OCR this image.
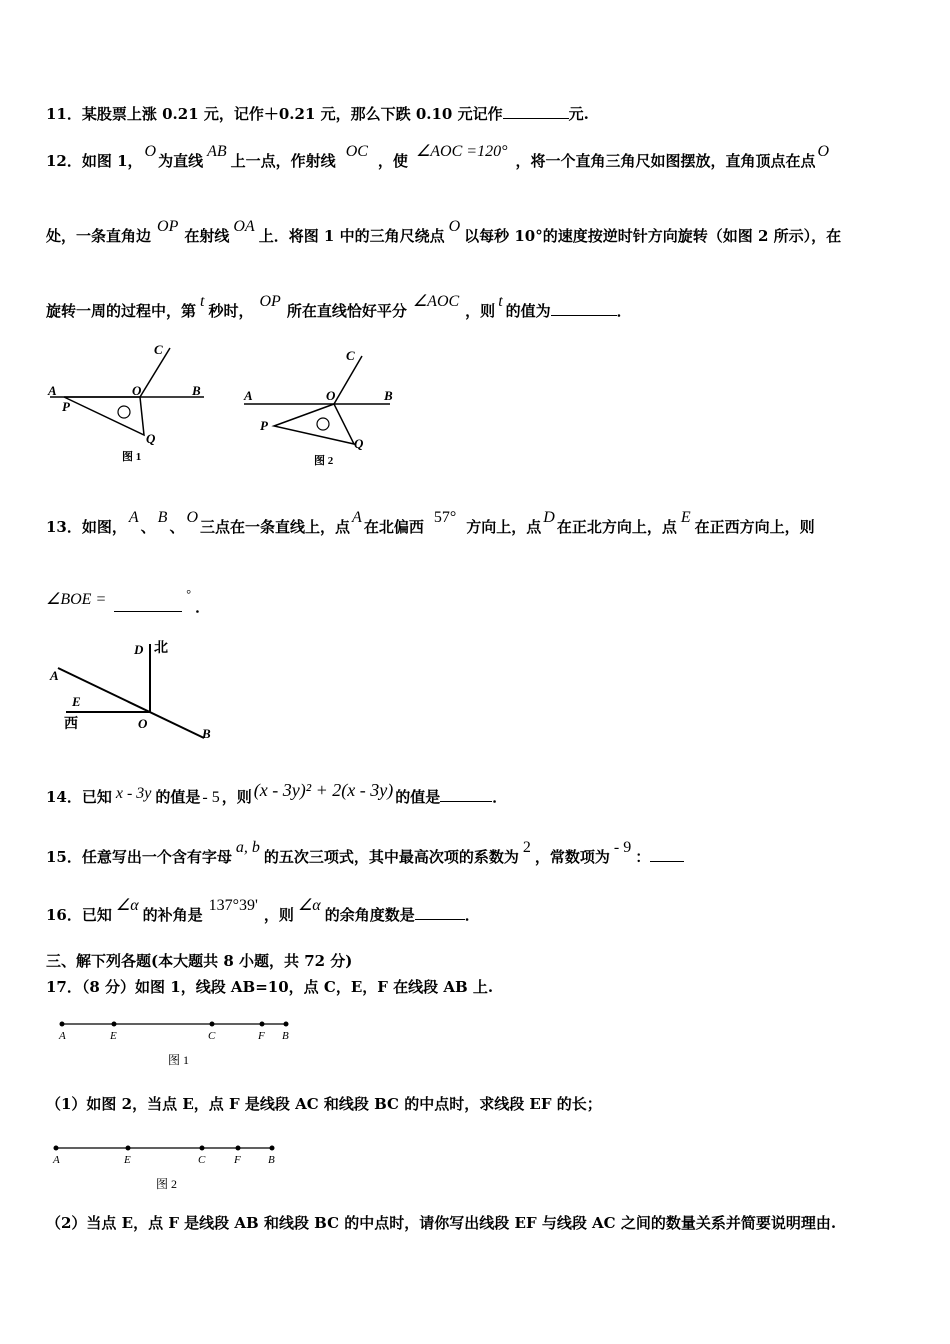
11．某股票上涨 0.21 元，记作＋0.21 元，那么下跌 0.10 元记作	元.
12．如图 1，O为直线AB上一点，作射线OC，使∠AOC =120°，将一个直角三角尺如图摆放，直角顶点在点O
处，一条直角边OP在射线OA上．将图 1 中的三角尺绕点O以每秒 10°的速度按逆时针方向旋转（如图 2 所示），在
旋转一周的过程中，第t秒时，OP所在直线恰好平分∠AOC，则t的值为	．
A	B
C
O
P
Q
图 1
A	B
C
O
P
Q
图 2
13．如图，A、B、O三点在一条直线上，点A在北偏西57°方向上，点D在正北方向上，点E在正西方向上，则
∠BOE =	°．
D 北
A
E
西	O
B
14．已知 x - 3y 的值是 - 5 ，则 (x - 3y)² + 2(x - 3y) 的值是	．
15．任意写出一个含有字母a, b的五次三项式，其中最高次项的系数为2，常数项为- 9：
16．已知∠α的补角是137°39'，则∠α的余角度数是	．
三、解下列各题(本大题共 8 小题，共 72 分)
17．（8 分）如图 1，线段 AB=10，点 C，E，F 在线段 AB 上.
A	E	C	F B
图 1
（1）如图 2，当点 E，点 F 是线段 AC 和线段 BC 的中点时，求线段 EF 的长；
A	E	C	F B
图 2
（2）当点 E，点 F 是线段 AB 和线段 BC 的中点时，请你写出线段 EF 与线段 AC 之间的数量关系并简要说明理由.
